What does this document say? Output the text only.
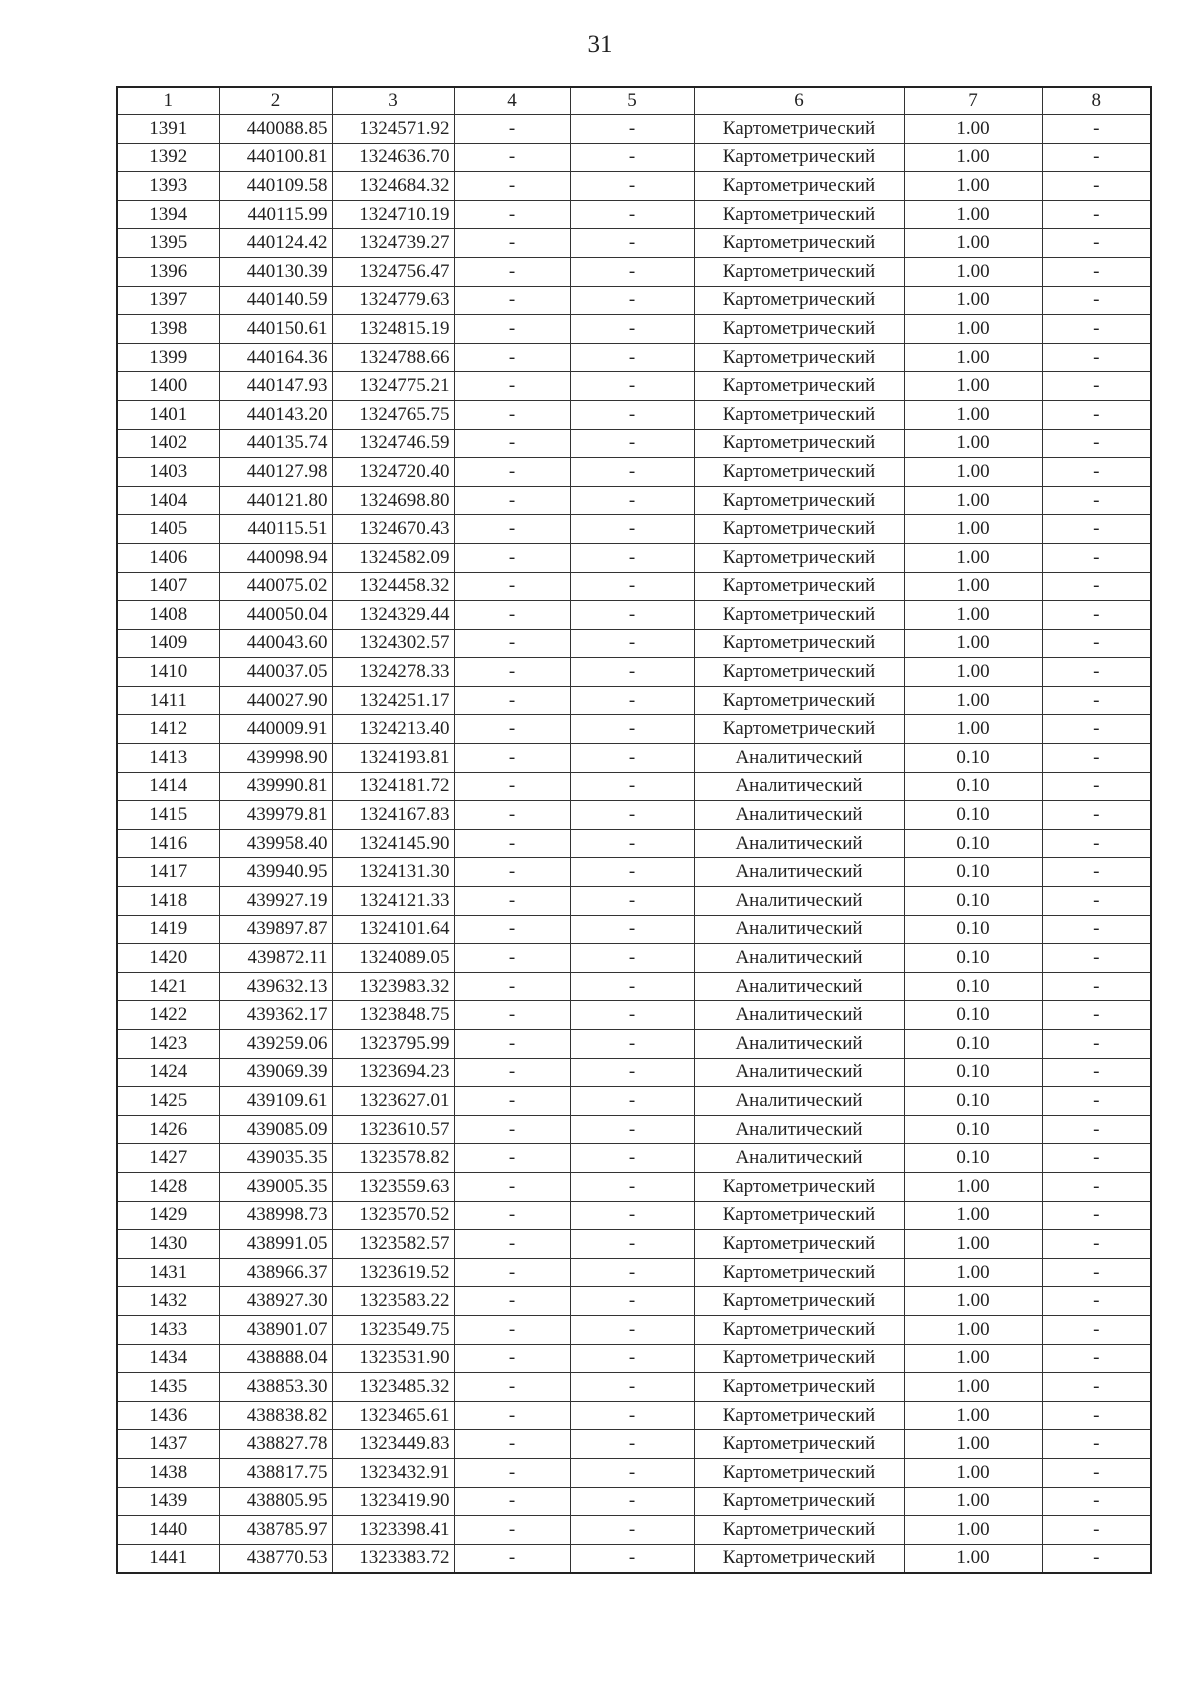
31
1	2	3	4	5	6	7	8
1391	440088.85	1324571.92	-	-	Картометрический	1.00	-
1392	440100.81	1324636.70	-	-	Картометрический	1.00	-
1393	440109.58	1324684.32	-	-	Картометрический	1.00	-
1394	440115.99	1324710.19	-	-	Картометрический	1.00	-
1395	440124.42	1324739.27	-	-	Картометрический	1.00	-
1396	440130.39	1324756.47	-	-	Картометрический	1.00	-
1397	440140.59	1324779.63	-	-	Картометрический	1.00	-
1398	440150.61	1324815.19	-	-	Картометрический	1.00	-
1399	440164.36	1324788.66	-	-	Картометрический	1.00	-
1400	440147.93	1324775.21	-	-	Картометрический	1.00	-
1401	440143.20	1324765.75	-	-	Картометрический	1.00	-
1402	440135.74	1324746.59	-	-	Картометрический	1.00	-
1403	440127.98	1324720.40	-	-	Картометрический	1.00	-
1404	440121.80	1324698.80	-	-	Картометрический	1.00	-
1405	440115.51	1324670.43	-	-	Картометрический	1.00	-
1406	440098.94	1324582.09	-	-	Картометрический	1.00	-
1407	440075.02	1324458.32	-	-	Картометрический	1.00	-
1408	440050.04	1324329.44	-	-	Картометрический	1.00	-
1409	440043.60	1324302.57	-	-	Картометрический	1.00	-
1410	440037.05	1324278.33	-	-	Картометрический	1.00	-
1411	440027.90	1324251.17	-	-	Картометрический	1.00	-
1412	440009.91	1324213.40	-	-	Картометрический	1.00	-
1413	439998.90	1324193.81	-	-	Аналитический	0.10	-
1414	439990.81	1324181.72	-	-	Аналитический	0.10	-
1415	439979.81	1324167.83	-	-	Аналитический	0.10	-
1416	439958.40	1324145.90	-	-	Аналитический	0.10	-
1417	439940.95	1324131.30	-	-	Аналитический	0.10	-
1418	439927.19	1324121.33	-	-	Аналитический	0.10	-
1419	439897.87	1324101.64	-	-	Аналитический	0.10	-
1420	439872.11	1324089.05	-	-	Аналитический	0.10	-
1421	439632.13	1323983.32	-	-	Аналитический	0.10	-
1422	439362.17	1323848.75	-	-	Аналитический	0.10	-
1423	439259.06	1323795.99	-	-	Аналитический	0.10	-
1424	439069.39	1323694.23	-	-	Аналитический	0.10	-
1425	439109.61	1323627.01	-	-	Аналитический	0.10	-
1426	439085.09	1323610.57	-	-	Аналитический	0.10	-
1427	439035.35	1323578.82	-	-	Аналитический	0.10	-
1428	439005.35	1323559.63	-	-	Картометрический	1.00	-
1429	438998.73	1323570.52	-	-	Картометрический	1.00	-
1430	438991.05	1323582.57	-	-	Картометрический	1.00	-
1431	438966.37	1323619.52	-	-	Картометрический	1.00	-
1432	438927.30	1323583.22	-	-	Картометрический	1.00	-
1433	438901.07	1323549.75	-	-	Картометрический	1.00	-
1434	438888.04	1323531.90	-	-	Картометрический	1.00	-
1435	438853.30	1323485.32	-	-	Картометрический	1.00	-
1436	438838.82	1323465.61	-	-	Картометрический	1.00	-
1437	438827.78	1323449.83	-	-	Картометрический	1.00	-
1438	438817.75	1323432.91	-	-	Картометрический	1.00	-
1439	438805.95	1323419.90	-	-	Картометрический	1.00	-
1440	438785.97	1323398.41	-	-	Картометрический	1.00	-
1441	438770.53	1323383.72	-	-	Картометрический	1.00	-
